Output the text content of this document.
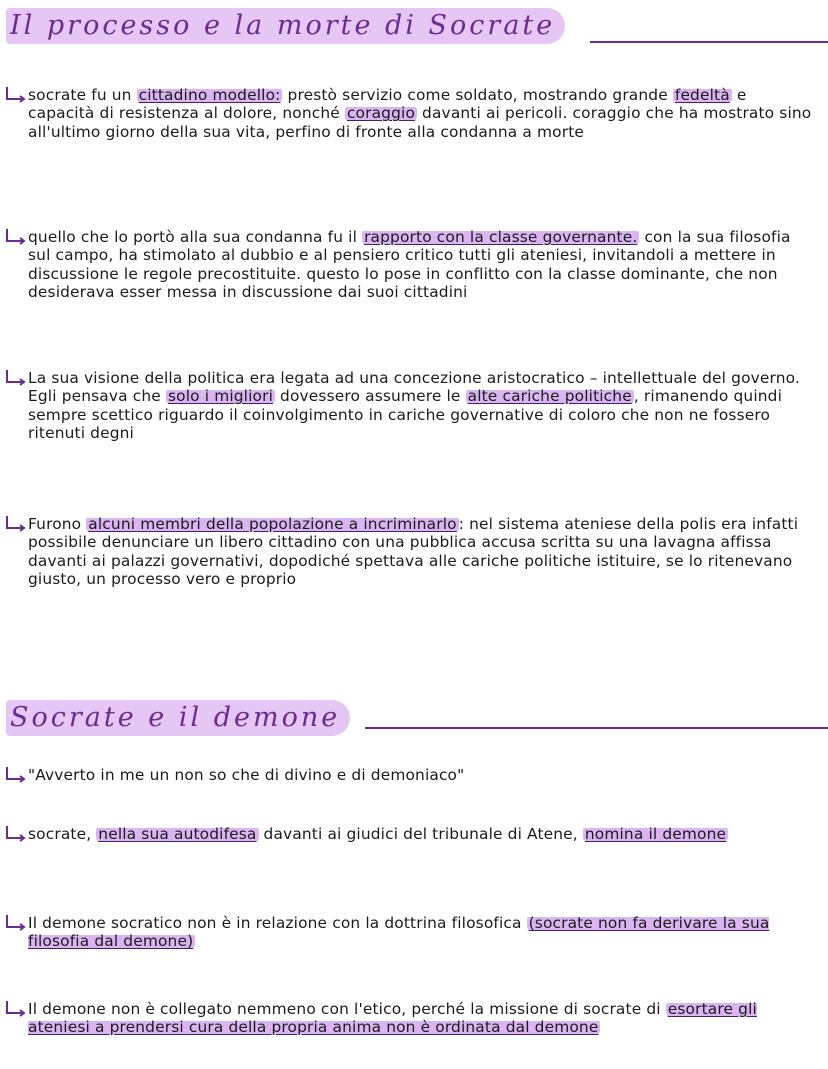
Il processo e la morte di Socrate
socrate fu un cittadino modello: prestò servizio come soldato, mostrando grande fedeltà e capacità di resistenza al dolore, nonché coraggio davanti ai pericoli. coraggio che ha mostrato sino all'ultimo giorno della sua vita, perfino di fronte alla condanna a morte
quello che lo portò alla sua condanna fu il rapporto con la classe governante. con la sua filosofia sul campo, ha stimolato al dubbio e al pensiero critico tutti gli ateniesi, invitandoli a mettere in discussione le regole precostituite. questo lo pose in conflitto con la classe dominante, che non desiderava esser messa in discussione dai suoi cittadini
La sua visione della politica era legata ad una concezione aristocratico – intellettuale del governo. Egli pensava che solo i migliori dovessero assumere le alte cariche politiche , rimanendo quindi sempre scettico riguardo il coinvolgimento in cariche governative di coloro che non ne fossero ritenuti degni
Furono alcuni membri della popolazione a incriminarlo : nel sistema ateniese della polis era infatti possibile denunciare un libero cittadino con una pubblica accusa scritta su una lavagna affissa davanti ai palazzi governativi, dopodiché spettava alle cariche politiche istituire, se lo ritenevano giusto, un processo vero e proprio
Socrate e il demone
"Avverto in me un non so che di divino e di demoniaco"
socrate, nella sua autodifesa davanti ai giudici del tribunale di Atene, nomina il demone
Il demone socratico non è in relazione con la dottrina filosofica (socrate non fa derivare la sua filosofia dal demone)
Il demone non è collegato nemmeno con l'etico, perché la missione di socrate di esortare gli ateniesi a prendersi cura della propria anima non è ordinata dal demone
